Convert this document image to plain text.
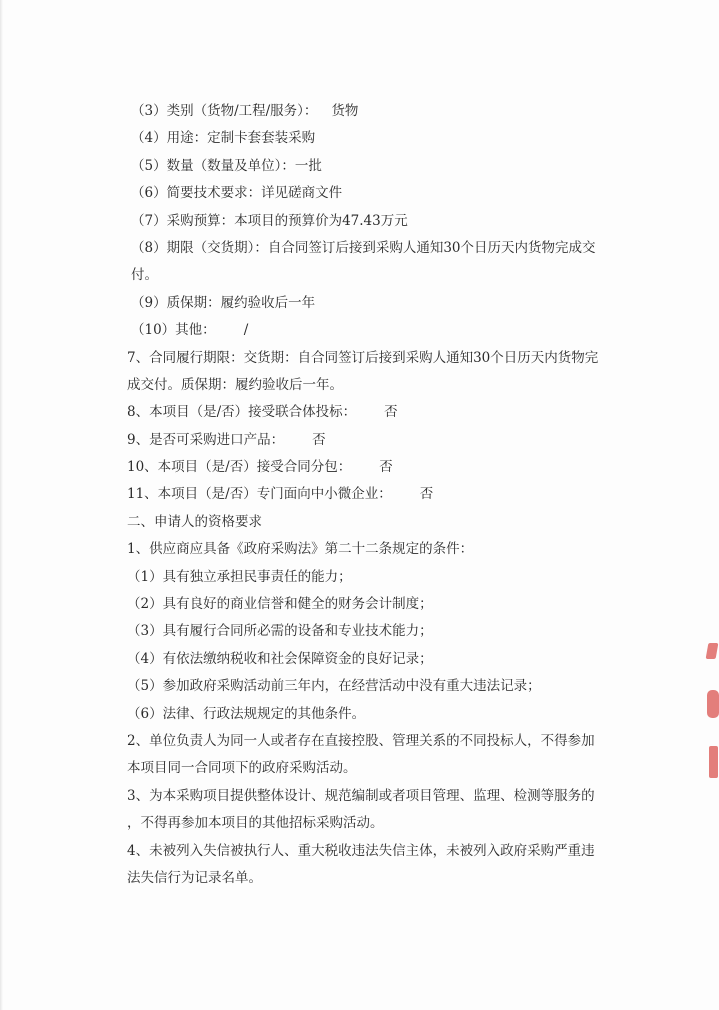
（3）类别（货物/工程/服务）： 货物
（4）用途：定制卡套套装采购
（5）数量（数量及单位）：一批
（6）简要技术要求：详见磋商文件
（7）采购预算：本项目的预算价为47.43万元
（8）期限（交货期）：自合同签订后接到采购人通知30个日历天内货物完成交
付。
（9）质保期：履约验收后一年
（10）其他： /
7、合同履行期限：交货期：自合同签订后接到采购人通知30个日历天内货物完
成交付。质保期：履约验收后一年。
8、本项目（是/否）接受联合体投标： 否
9、是否可采购进口产品： 否
10、本项目（是/否）接受合同分包： 否
11、本项目（是/否）专门面向中小微企业： 否
二、申请人的资格要求
1、供应商应具备《政府采购法》第二十二条规定的条件：
（1）具有独立承担民事责任的能力；
（2）具有良好的商业信誉和健全的财务会计制度；
（3）具有履行合同所必需的设备和专业技术能力；
（4）有依法缴纳税收和社会保障资金的良好记录；
（5）参加政府采购活动前三年内，在经营活动中没有重大违法记录；
（6）法律、行政法规规定的其他条件。
2、单位负责人为同一人或者存在直接控股、管理关系的不同投标人，不得参加
本项目同一合同项下的政府采购活动。
3、为本采购项目提供整体设计、规范编制或者项目管理、监理、检测等服务的
，不得再参加本项目的其他招标采购活动。
4、未被列入失信被执行人、重大税收违法失信主体，未被列入政府采购严重违
法失信行为记录名单。
